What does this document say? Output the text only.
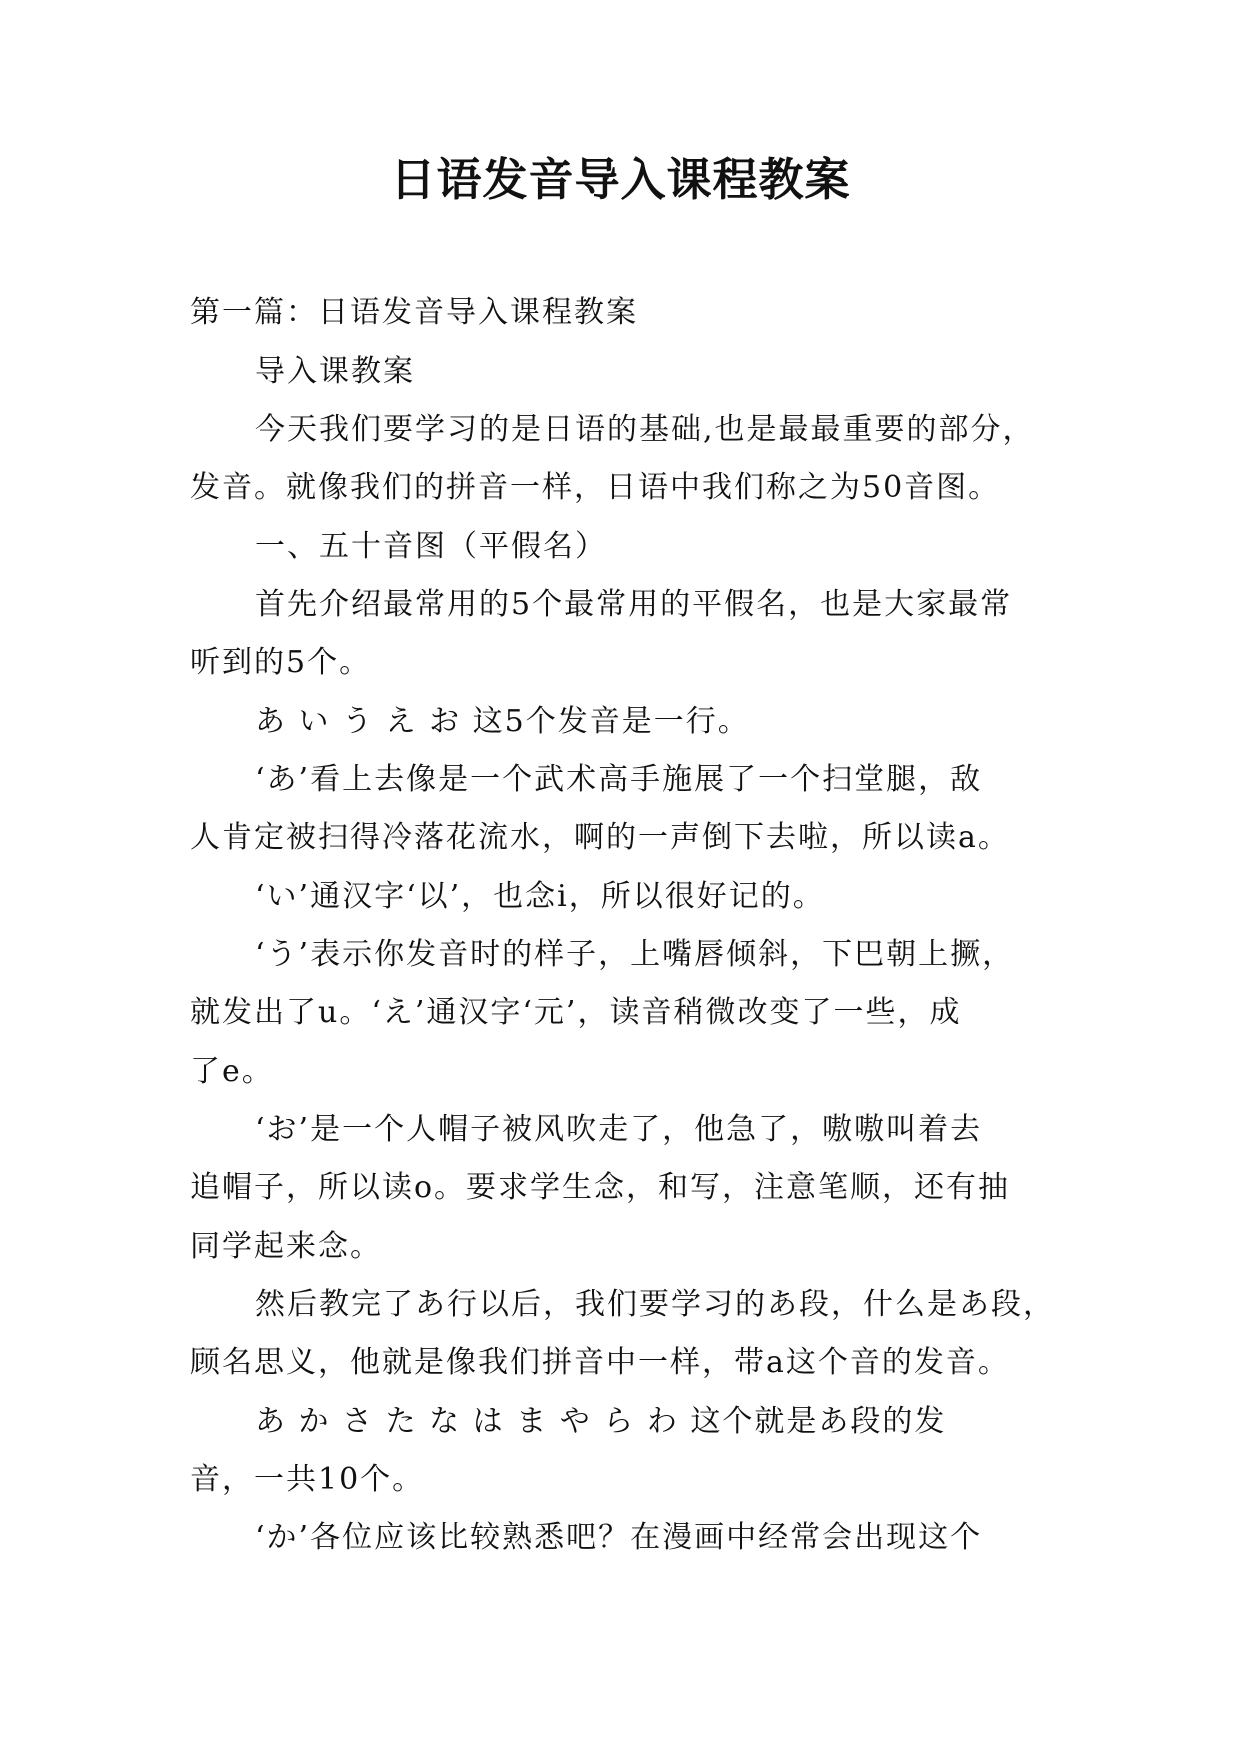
日语发音导入课程教案
第一篇：日语发音导入课程教案
导入课教案
今天我们要学习的是日语的基础,也是最最重要的部分，
发音。就像我们的拼音一样，日语中我们称之为50音图。
一、五十音图（平假名）
首先介绍最常用的5个最常用的平假名，也是大家最常
听到的5个。
あ い う え お 这5个发音是一行。
‘あ’看上去像是一个武术高手施展了一个扫堂腿，敌
人肯定被扫得冷落花流水，啊的一声倒下去啦，所以读a。
‘い’通汉字‘以’，也念i，所以很好记的。
‘う’表示你发音时的样子，上嘴唇倾斜，下巴朝上撅，
就发出了u。‘え’通汉字‘元’，读音稍微改变了一些，成
了e。
‘お’是一个人帽子被风吹走了，他急了，嗷嗷叫着去
追帽子，所以读o。要求学生念，和写，注意笔顺，还有抽
同学起来念。
然后教完了あ行以后，我们要学习的あ段，什么是あ段，
顾名思义，他就是像我们拼音中一样，带a这个音的发音。
あ か さ た な は ま や ら わ 这个就是あ段的发
音，一共10个。
‘か’各位应该比较熟悉吧？在漫画中经常会出现这个
